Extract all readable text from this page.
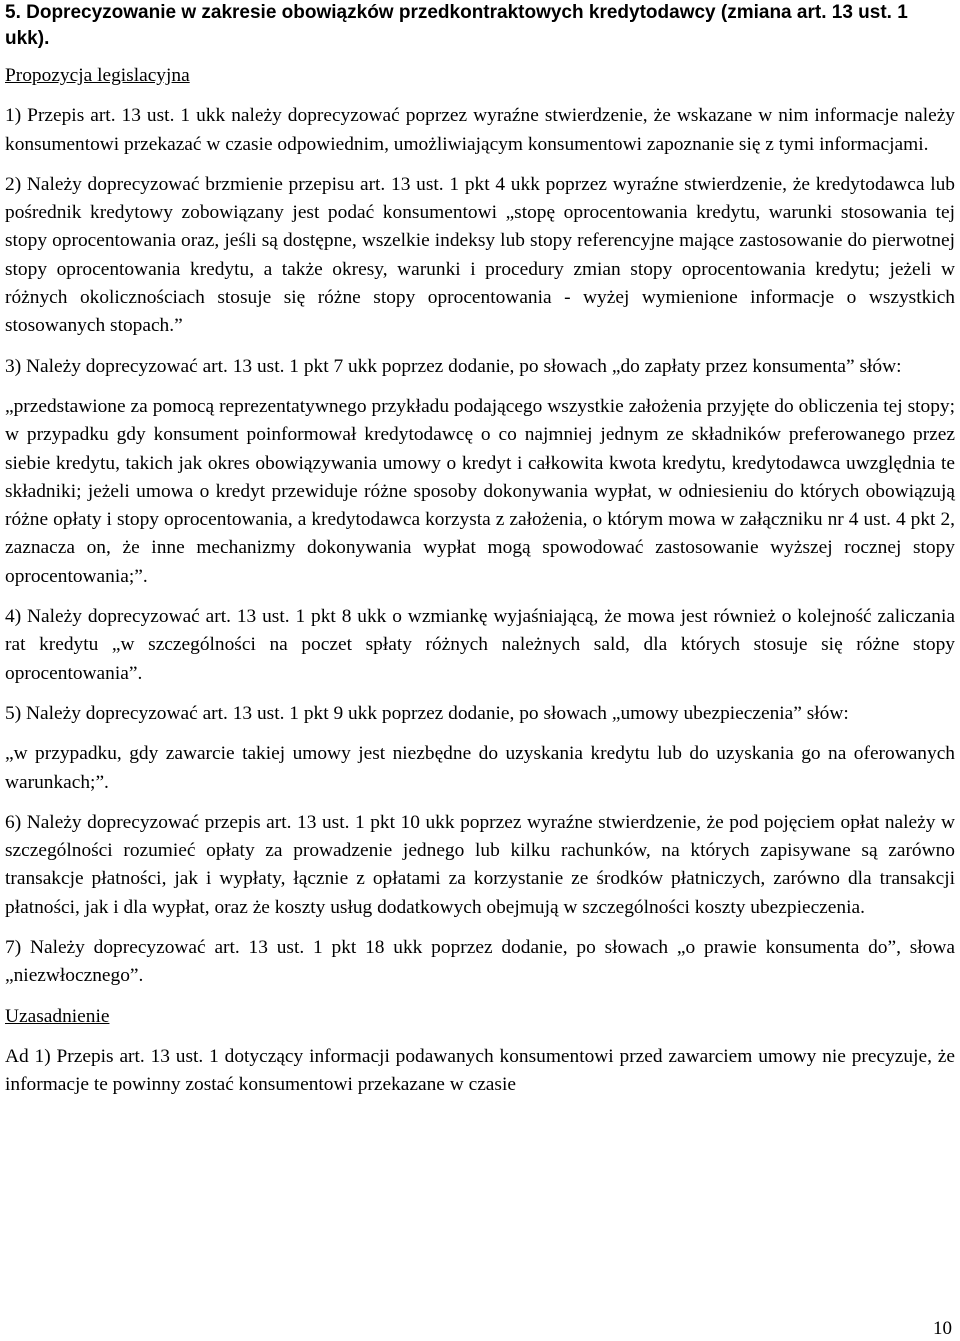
5. Doprecyzowanie w zakresie obowiązków przedkontraktowych kredytodawcy (zmiana art. 13 ust. 1 ukk).

Propozycja legislacyjna

1) Przepis art. 13 ust. 1 ukk należy doprecyzować poprzez wyraźne stwierdzenie, że wskazane w nim informacje należy konsumentowi przekazać w czasie odpowiednim, umożliwiającym konsumentowi zapoznanie się z tymi informacjami.

2) Należy doprecyzować brzmienie przepisu art. 13 ust. 1 pkt 4 ukk poprzez wyraźne stwierdzenie, że kredytodawca lub pośrednik kredytowy zobowiązany jest podać konsumentowi „stopę oprocentowania kredytu, warunki stosowania tej stopy oprocentowania oraz, jeśli są dostępne, wszelkie indeksy lub stopy referencyjne mające zastosowanie do pierwotnej stopy oprocentowania kredytu, a także okresy, warunki i procedury zmian stopy oprocentowania kredytu; jeżeli w różnych okolicznościach stosuje się różne stopy oprocentowania - wyżej wymienione informacje o wszystkich stosowanych stopach.”

3) Należy doprecyzować art. 13 ust. 1 pkt 7 ukk poprzez dodanie, po słowach „do zapłaty przez konsumenta” słów:

„przedstawione za pomocą reprezentatywnego przykładu podającego wszystkie założenia przyjęte do obliczenia tej stopy; w przypadku gdy konsument poinformował kredytodawcę o co najmniej jednym ze składników preferowanego przez siebie kredytu, takich jak okres obowiązywania umowy o kredyt i całkowita kwota kredytu, kredytodawca uwzględnia te składniki; jeżeli umowa o kredyt przewiduje różne sposoby dokonywania wypłat, w odniesieniu do których obowiązują różne opłaty i stopy oprocentowania, a kredytodawca korzysta z założenia, o którym mowa w załączniku nr 4 ust. 4 pkt 2, zaznacza on, że inne mechanizmy dokonywania wypłat mogą spowodować zastosowanie wyższej rocznej stopy oprocentowania;”.

4) Należy doprecyzować art. 13 ust. 1 pkt 8 ukk o wzmiankę wyjaśniającą, że mowa jest również o kolejność zaliczania rat kredytu „w szczególności na poczet spłaty różnych należnych sald, dla których stosuje się różne stopy oprocentowania”.

5) Należy doprecyzować art. 13 ust. 1 pkt 9 ukk poprzez dodanie, po słowach „umowy ubezpieczenia” słów:

„w przypadku, gdy zawarcie takiej umowy jest niezbędne do uzyskania kredytu lub do uzyskania go na oferowanych warunkach;”.

6) Należy doprecyzować przepis art. 13 ust. 1 pkt 10 ukk poprzez wyraźne stwierdzenie, że pod pojęciem opłat należy w szczególności rozumieć opłaty za prowadzenie jednego lub kilku rachunków, na których zapisywane są zarówno transakcje płatności, jak i wypłaty, łącznie z opłatami za korzystanie ze środków płatniczych, zarówno dla transakcji płatności, jak i dla wypłat, oraz że koszty usług dodatkowych obejmują w szczególności koszty ubezpieczenia.

7) Należy doprecyzować art. 13 ust. 1 pkt 18 ukk poprzez dodanie, po słowach „o prawie konsumenta do”, słowa „niezwłocznego”.

Uzasadnienie

Ad 1) Przepis art. 13 ust. 1 dotyczący informacji podawanych konsumentowi przed zawarciem umowy nie precyzuje, że informacje te powinny zostać konsumentowi przekazane w czasie

10
